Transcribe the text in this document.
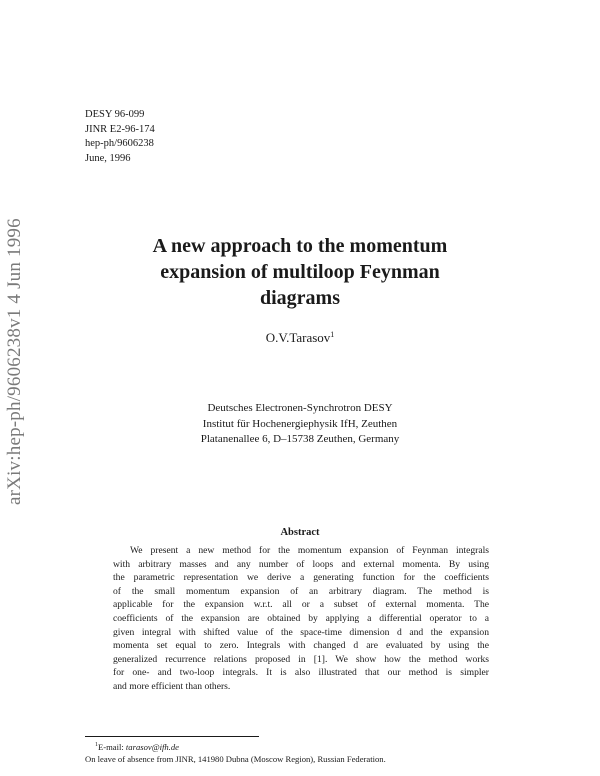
arXiv:hep-ph/9606238v1 4 Jun 1996
DESY 96-099
JINR E2-96-174
hep-ph/9606238
June, 1996
A new approach to the momentum
expansion of multiloop Feynman
diagrams
O.V.Tarasov$^1$
Deutsches Electronen-Synchrotron DESY
Institut für Hochenergiephysik IfH, Zeuthen
Platanenallee 6, D–15738 Zeuthen, Germany
Abstract
We present a new method for the momentum expansion of Feynman integrals
with arbitrary masses and any number of loops and external momenta. By using
the parametric representation we derive a generating function for the coefficients
of the small momentum expansion of an arbitrary diagram. The method is
applicable for the expansion w.r.t. all or a subset of external momenta. The
coefficients of the expansion are obtained by applying a differential operator to a
given integral with shifted value of the space-time dimension d and the expansion
momenta set equal to zero. Integrals with changed d are evaluated by using the
generalized recurrence relations proposed in [1]. We show how the method works
for one- and two-loop integrals. It is also illustrated that our method is simpler
and more efficient than others.
$^1$E-mail: tarasov@ifh.de
On leave of absence from JINR, 141980 Dubna (Moscow Region), Russian Federation.
